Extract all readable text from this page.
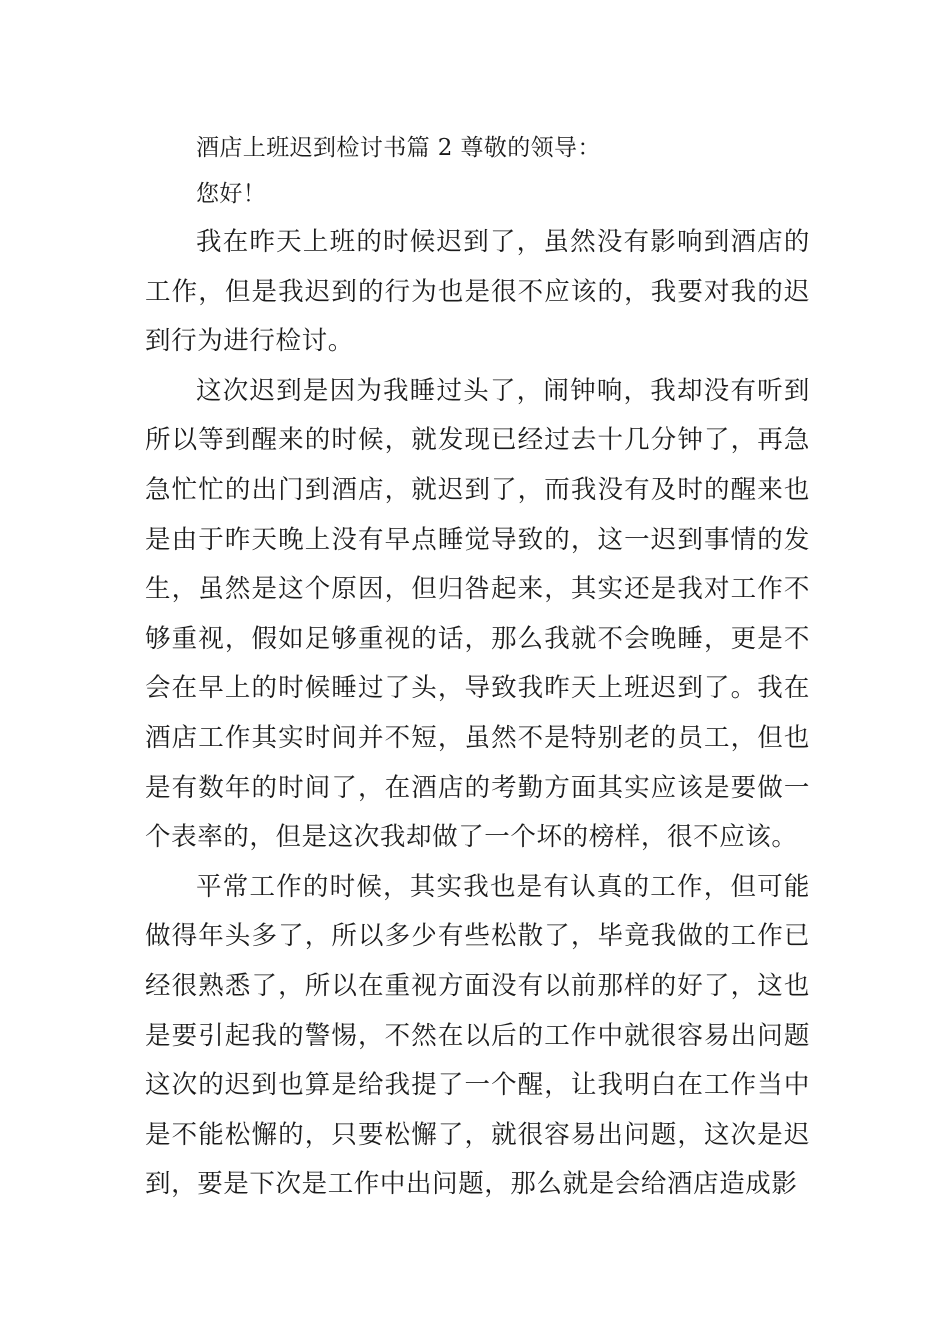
酒店上班迟到检讨书篇 2 尊敬的领导：

您好！

我在昨天上班的时候迟到了，虽然没有影响到酒店的工作，但是我迟到的行为也是很不应该的，我要对我的迟到行为进行检讨。

这次迟到是因为我睡过头了，闹钟响，我却没有听到所以等到醒来的时候，就发现已经过去十几分钟了，再急急忙忙的出门到酒店，就迟到了，而我没有及时的醒来也是由于昨天晚上没有早点睡觉导致的，这一迟到事情的发生，虽然是这个原因，但归咎起来，其实还是我对工作不够重视，假如足够重视的话，那么我就不会晚睡，更是不会在早上的时候睡过了头，导致我昨天上班迟到了。我在酒店工作其实时间并不短，虽然不是特别老的员工，但也是有数年的时间了，在酒店的考勤方面其实应该是要做一个表率的，但是这次我却做了一个坏的榜样，很不应该。

平常工作的时候，其实我也是有认真的工作，但可能做得年头多了，所以多少有些松散了，毕竟我做的工作已经很熟悉了，所以在重视方面没有以前那样的好了，这也是要引起我的警惕，不然在以后的工作中就很容易出问题这次的迟到也算是给我提了一个醒，让我明白在工作当中是不能松懈的，只要松懈了，就很容易出问题，这次是迟到，要是下次是工作中出问题，那么就是会给酒店造成影
